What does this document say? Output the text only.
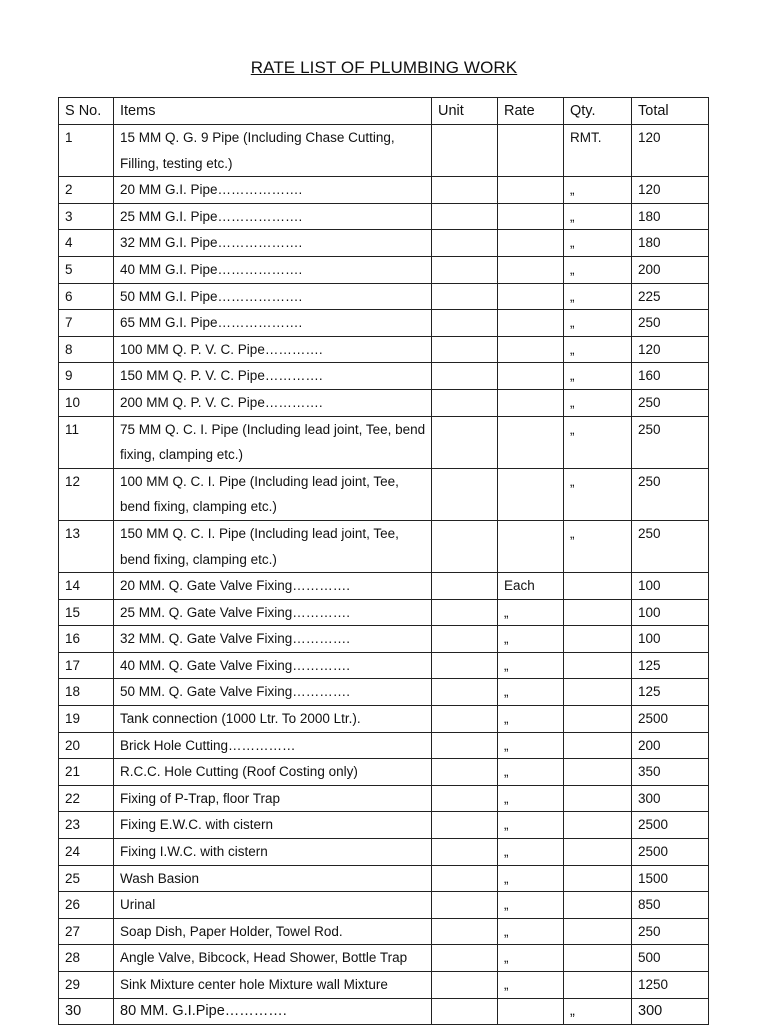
RATE LIST OF PLUMBING WORK
S No.	Items	Unit	Rate	Qty.	Total
1	15 MM Q. G. 9 Pipe (Including Chase Cutting, Filling, testing etc.)			RMT.	120
2	20 MM G.I. Pipe……………….			„	120
3	25 MM G.I. Pipe……………….			„	180
4	32 MM G.I. Pipe……………….			„	180
5	40 MM G.I. Pipe……………….			„	200
6	50 MM G.I. Pipe……………….			„	225
7	65 MM G.I. Pipe……………….			„	250
8	100 MM Q. P. V. C. Pipe………….			„	120
9	150 MM Q. P. V. C. Pipe………….			„	160
10	200 MM Q. P. V. C. Pipe………….			„	250
11	75 MM Q. C. I. Pipe (Including lead joint, Tee, bend fixing, clamping etc.)			„	250
12	100 MM Q. C. I. Pipe (Including lead joint, Tee, bend fixing, clamping etc.)			„	250
13	150 MM Q. C. I. Pipe (Including lead joint, Tee, bend fixing, clamping etc.)			„	250
14	20 MM. Q. Gate Valve Fixing………….		Each		100
15	25 MM. Q. Gate Valve Fixing………….		„		100
16	32 MM. Q. Gate Valve Fixing………….		„		100
17	40 MM. Q. Gate Valve Fixing………….		„		125
18	50 MM. Q. Gate Valve Fixing………….		„		125
19	Tank connection (1000 Ltr. To 2000 Ltr.).		„		2500
20	Brick Hole Cutting……………		„		200
21	R.C.C. Hole Cutting (Roof Costing only)		„		350
22	Fixing of P-Trap, floor Trap		„		300
23	Fixing E.W.C. with cistern		„		2500
24	Fixing I.W.C. with cistern		„		2500
25	Wash Basion		„		1500
26	Urinal		„		850
27	Soap Dish, Paper Holder, Towel Rod.		„		250
28	Angle Valve, Bibcock, Head Shower, Bottle Trap		„		500
29	Sink Mixture center hole Mixture wall Mixture		„		1250
30	80 MM. G.I.Pipe………….			„	300
